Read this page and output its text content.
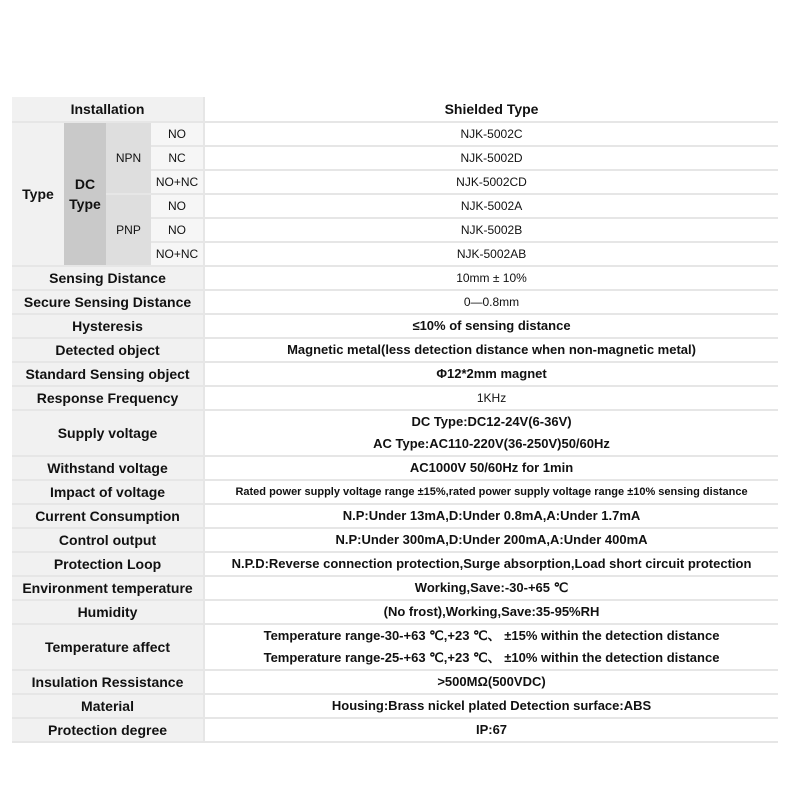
Installation				Shielded Type
Type	DC Type	NPN	NO	NJK-5002C
			NC	NJK-5002D
			NO+NC	NJK-5002CD
		PNP	NO	NJK-5002A
			NO	NJK-5002B
			NO+NC	NJK-5002AB
Sensing Distance				10mm ± 10%

Secure Sensing Distance				0—0.8mm

Hysteresis				≤10% of sensing distance

Detected object				Magnetic metal(less detection distance when non-magnetic metal)

Standard Sensing object				Φ12*2mm magnet

Response Frequency				1KHz

Supply voltage				DC Type:DC12-24V(6-36V)
AC Type:AC110-220V(36-250V)50/60Hz

Withstand voltage				AC1000V 50/60Hz for 1min

Impact of voltage				Rated power supply voltage range ±15%,rated power supply voltage range ±10% sensing distance

Current Consumption				N.P:Under 13mA,D:Under 0.8mA,A:Under 1.7mA

Control output				N.P:Under 300mA,D:Under 200mA,A:Under 400mA

Protection Loop				N.P.D:Reverse connection protection,Surge absorption,Load short circuit protection

Environment temperature				Working,Save:-30-+65 ℃

Humidity				(No frost),Working,Save:35-95%RH

Temperature affect				Temperature range-30-+63 ℃,+23 ℃、 ±15% within the detection distance
Temperature range-25-+63 ℃,+23 ℃、 ±10% within the detection distance

Insulation Ressistance				>500MΩ(500VDC)

Material				Housing:Brass nickel plated Detection surface:ABS

Protection degree				IP:67
